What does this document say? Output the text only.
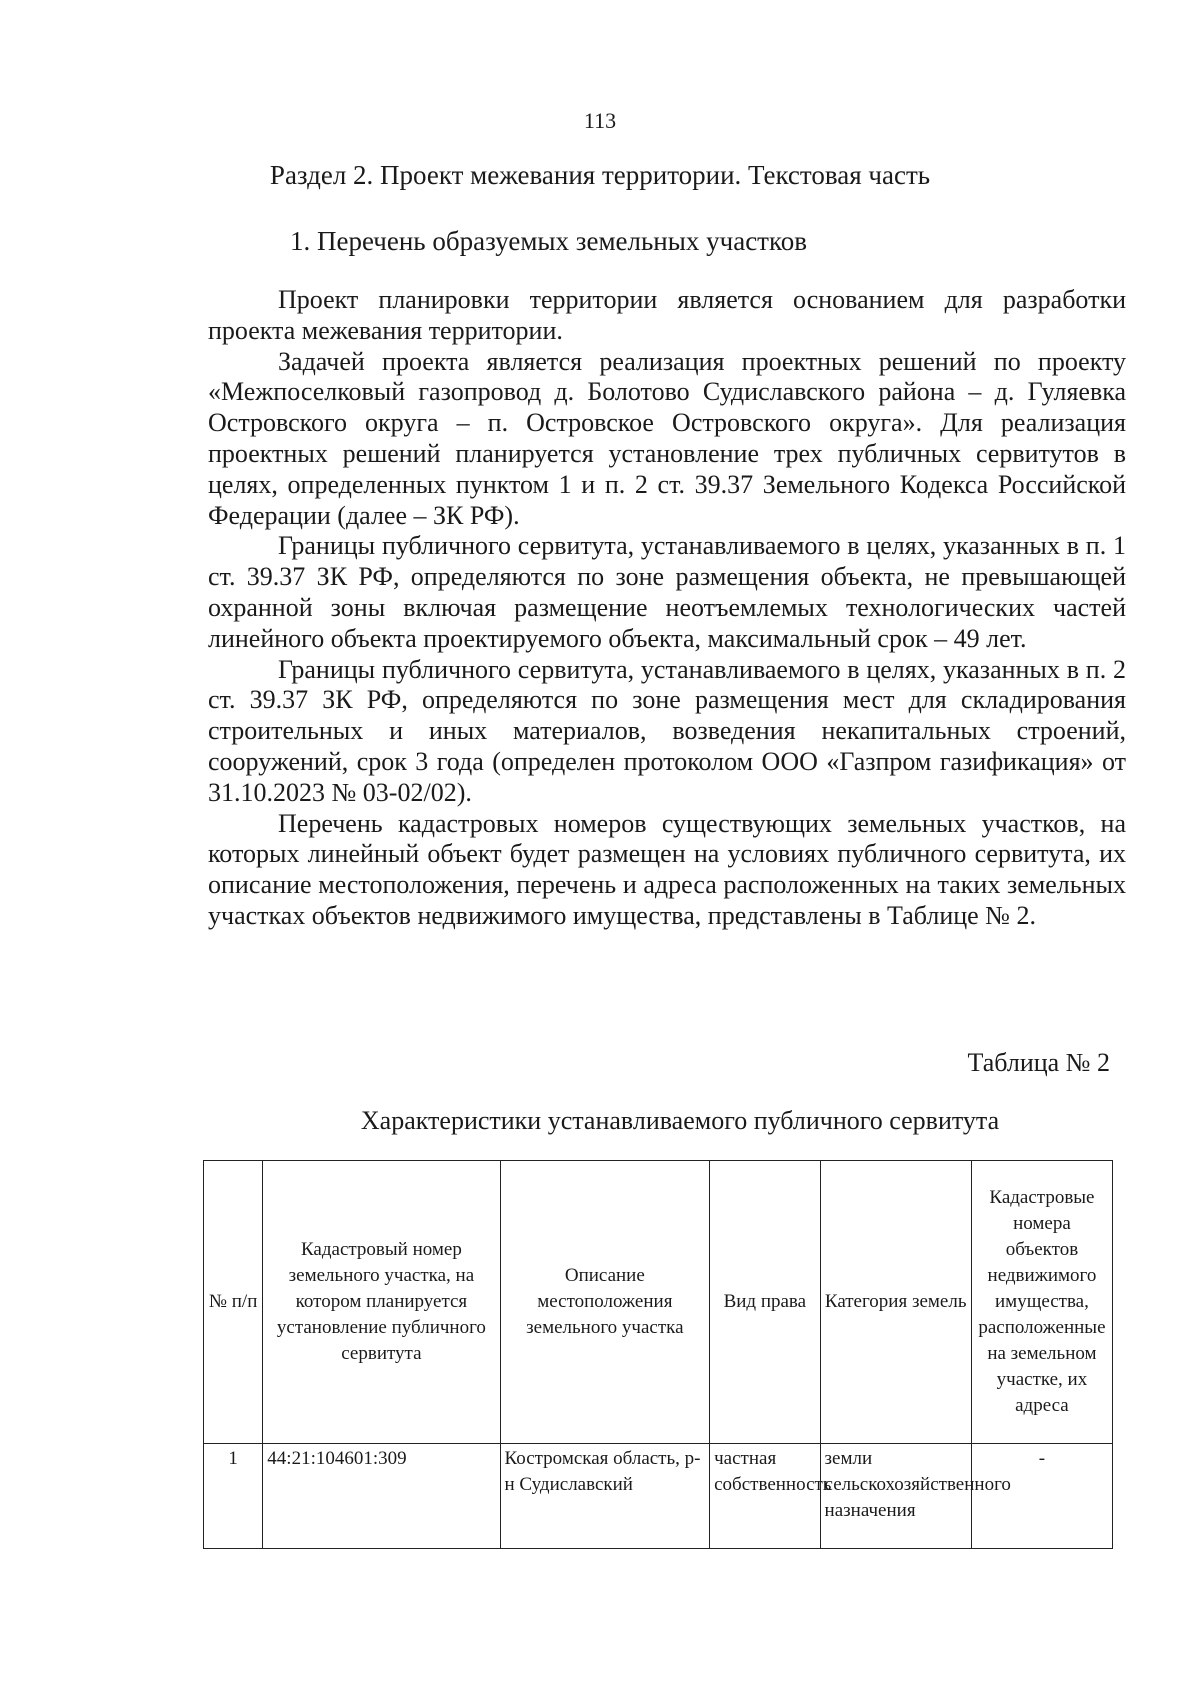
113
Раздел 2. Проект межевания территории. Текстовая часть
1. Перечень образуемых земельных участков

Проект планировки территории является основанием для разработки проекта межевания территории.

Задачей проекта является реализация проектных решений по проекту «Межпоселковый газопровод д. Болотово Судиславского района – д. Гуляевка Островского округа – п. Островское Островского округа». Для реализация проектных решений планируется установление трех публичных сервитутов в целях, определенных пунктом 1 и п. 2 ст. 39.37 Земельного Кодекса Российской Федерации (далее – ЗК РФ).

Границы публичного сервитута, устанавливаемого в целях, указанных в п. 1 ст. 39.37 ЗК РФ, определяются по зоне размещения объекта, не превышающей охранной зоны включая размещение неотъемлемых технологических частей линейного объекта проектируемого объекта, максимальный срок – 49 лет.

Границы публичного сервитута, устанавливаемого в целях, указанных в п. 2 ст. 39.37 ЗК РФ, определяются по зоне размещения мест для складирования строительных и иных материалов, возведения некапитальных строений, сооружений, срок 3 года (определен протоколом ООО «Газпром газификация» от 31.10.2023 № 03-02/02).

Перечень кадастровых номеров существующих земельных участков, на которых линейный объект будет размещен на условиях публичного сервитута, их описание местоположения, перечень и адреса расположенных на таких земельных участках объектов недвижимого имущества, представлены в Таблице № 2.

Таблица № 2
Характеристики устанавливаемого публичного сервитута
№ п/п	Кадастровый номер земельного участка, на котором планируется установление публичного сервитута	Описание местоположения земельного участка	Вид права	Категория земель	Кадастровые номера объектов недвижимого имущества, расположенные на земельном участке, их адреса
1	44:21:104601:309	Костромская область, р-н Судиславский	частная собственность	земли сельскохозяйственного назначения	-
